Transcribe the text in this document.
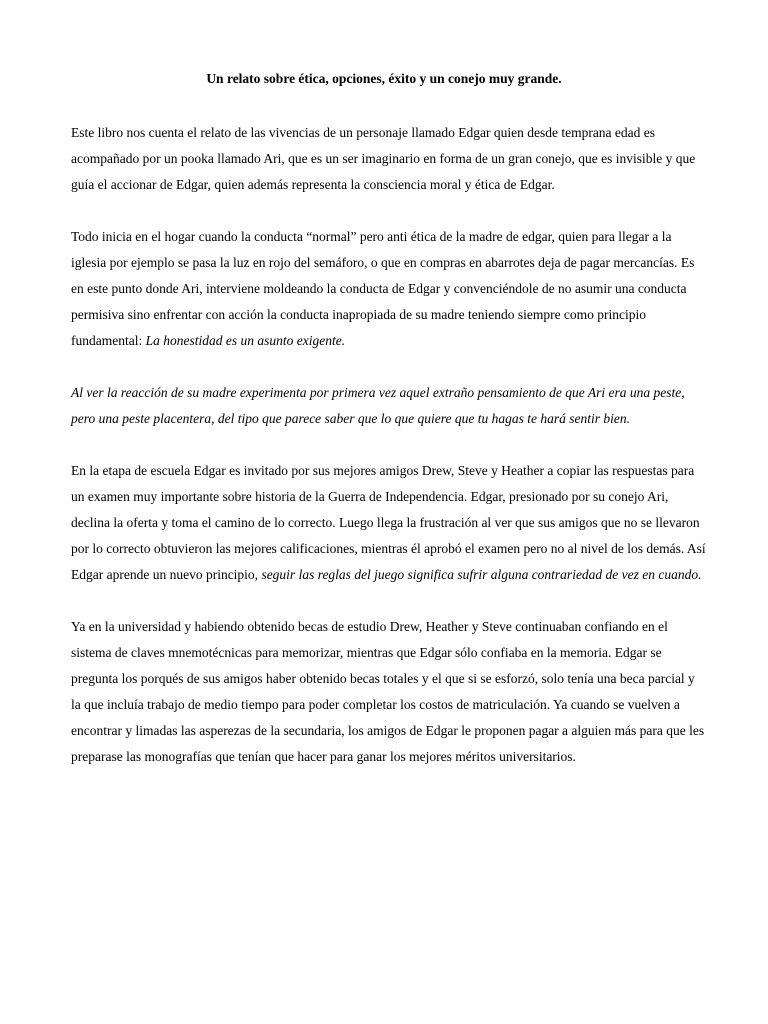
Un relato sobre ética, opciones, éxito y un conejo muy grande.

Este libro nos cuenta el relato de las vivencias de un personaje llamado Edgar quien desde temprana edad es acompañado por un pooka llamado Ari, que es un ser imaginario en forma de un gran conejo, que es invisible y que guía el accionar de Edgar, quien además representa la consciencia moral y ética de Edgar.

Todo inicia en el hogar cuando la conducta “normal” pero anti ética de la madre de edgar, quien para llegar a la iglesia por ejemplo se pasa la luz en rojo del semáforo, o que en compras en abarrotes deja de pagar mercancías. Es en este punto donde Ari, interviene moldeando la conducta de Edgar y convenciéndole de no asumir una conducta permisiva sino enfrentar con acción la conducta inapropiada de su madre teniendo siempre como principio fundamental: La honestidad es un asunto exigente.

Al ver la reacción de su madre experimenta por primera vez aquel extraño pensamiento de que Ari era una peste, pero una peste placentera, del tipo que parece saber que lo que quiere que tu hagas te hará sentir bien.

En la etapa de escuela Edgar es invitado por sus mejores amigos Drew, Steve y Heather a copiar las respuestas para un examen muy importante sobre historia de la Guerra de Independencia. Edgar, presionado por su conejo Ari, declina la oferta y toma el camino de lo correcto. Luego llega la frustración al ver que sus amigos que no se llevaron por lo correcto obtuvieron las mejores calificaciones, mientras él aprobó el examen pero no al nivel de los demás. Así Edgar aprende un nuevo principio, seguir las reglas del juego significa sufrir alguna contrariedad de vez en cuando.

Ya en la universidad y habiendo obtenido becas de estudio Drew, Heather y Steve continuaban confiando en el sistema de claves mnemotécnicas para memorizar, mientras que Edgar sólo confiaba en la memoria. Edgar se pregunta los porqués de sus amigos haber obtenido becas totales y el que si se esforzó, solo tenía una beca parcial y la que incluía trabajo de medio tiempo para poder completar los costos de matriculación. Ya cuando se vuelven a encontrar y limadas las asperezas de la secundaria, los amigos de Edgar le proponen pagar a alguien más para que les preparase las monografías que tenían que hacer para ganar los mejores méritos universitarios.
